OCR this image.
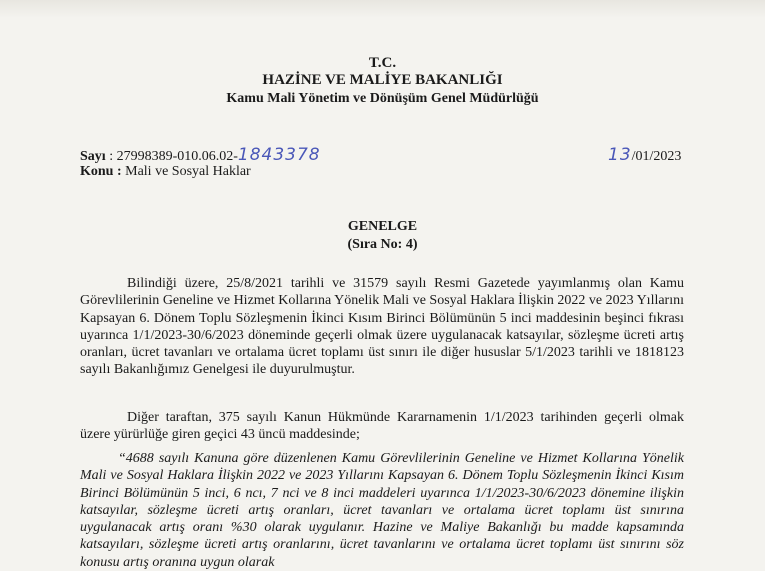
T.C.
HAZİNE VE MALİYE BAKANLIĞI
Kamu Mali Yönetim ve Dönüşüm Genel Müdürlüğü
Sayı : 27998389-010.06.02-1843378	13/01/2023
Konu : Mali ve Sosyal Haklar
GENELGE
(Sıra No: 4)

Bilindiği üzere, 25/8/2021 tarihli ve 31579 sayılı Resmi Gazetede yayımlanmış olan Kamu Görevlilerinin Geneline ve Hizmet Kollarına Yönelik Mali ve Sosyal Haklara İlişkin 2022 ve 2023 Yıllarını Kapsayan 6. Dönem Toplu Sözleşmenin İkinci Kısım Birinci Bölümünün 5 inci maddesinin beşinci fıkrası uyarınca 1/1/2023-30/6/2023 döneminde geçerli olmak üzere uygulanacak katsayılar, sözleşme ücreti artış oranları, ücret tavanları ve ortalama ücret toplamı üst sınırı ile diğer hususlar 5/1/2023 tarihli ve 1818123 sayılı Bakanlığımız Genelgesi ile duyurulmuştur.

Diğer taraftan, 375 sayılı Kanun Hükmünde Kararnamenin 1/1/2023 tarihinden geçerli olmak üzere yürürlüğe giren geçici 43 üncü maddesinde;

“4688 sayılı Kanuna göre düzenlenen Kamu Görevlilerinin Geneline ve Hizmet Kollarına Yönelik Mali ve Sosyal Haklara İlişkin 2022 ve 2023 Yıllarını Kapsayan 6. Dönem Toplu Sözleşmenin İkinci Kısım Birinci Bölümünün 5 inci, 6 ncı, 7 nci ve 8 inci maddeleri uyarınca 1/1/2023-30/6/2023 dönemine ilişkin katsayılar, sözleşme ücreti artış oranları, ücret tavanları ve ortalama ücret toplamı üst sınırına uygulanacak artış oranı %30 olarak uygulanır. Hazine ve Maliye Bakanlığı bu madde kapsamında katsayıları, sözleşme ücreti artış oranlarını, ücret tavanlarını ve ortalama ücret toplamı üst sınırını söz konusu artış oranına uygun olarak
